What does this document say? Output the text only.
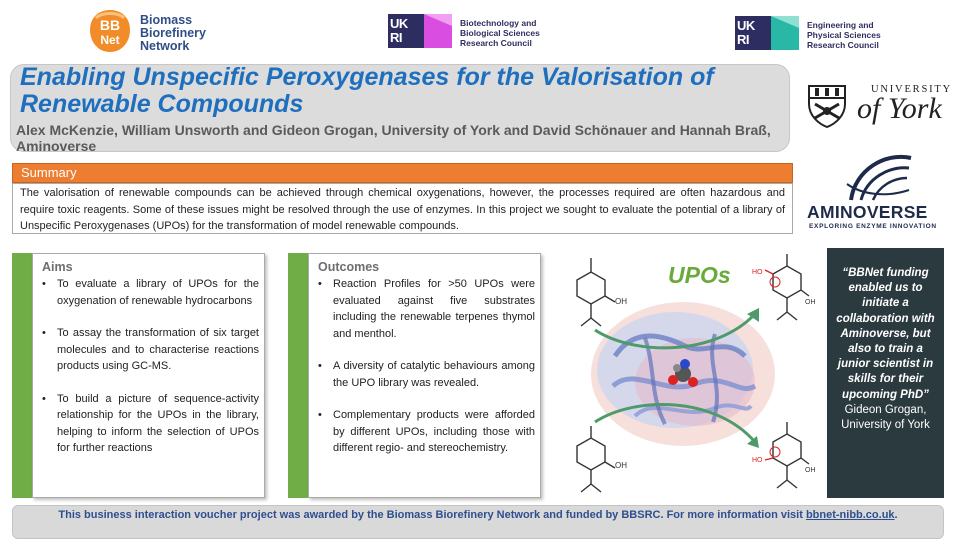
BB
Net
Biomass
Biorefinery
Network
UK
RI
Biotechnology and
Biological Sciences
Research Council
UK
RI
Engineering and
Physical Sciences
Research Council
Enabling Unspecific Peroxygenases for the Valorisation of Renewable Compounds
Alex McKenzie, William Unsworth and Gideon Grogan, University of York and David Schönauer and Hannah Braß, Aminoverse
UNIVERSITY
of York
AMINOVERSE
EXPLORING ENZYME INNOVATION
Summary
The valorisation of renewable compounds can be achieved through chemical oxygenations, however, the processes required are often hazardous and require toxic reagents. Some of these issues might be resolved through the use of enzymes. In this project we sought to evaluate the potential of a library of Unspecific Peroxygenases (UPOs) for the transformation of model renewable compounds.
Aims
• To evaluate a library of UPOs for the oxygenation of renewable hydrocarbons
• To assay the transformation of six target molecules and to characterise reactions products using GC-MS.
• To build a picture of sequence-activity relationship for the UPOs in the library, helping to inform the selection of UPOs for further reactions
Outcomes
• Reaction Profiles for >50 UPOs were evaluated against five substrates including the renewable terpenes thymol and menthol.
• A diversity of catalytic behaviours among the UPO library was revealed.
• Complementary products were afforded by different UPOs, including those with different regio- and stereochemistry.
OH
OH
HO
OH
HO
OH
UPOs	“BBNet funding enabled us to initiate a collaboration with Aminoverse, but also to train a junior scientist in skills for their upcoming PhD”
Gideon Grogan, University of York
This business interaction voucher project was awarded by the Biomass Biorefinery Network and funded by BBSRC. For more information visit bbnet-nibb.co.uk.
